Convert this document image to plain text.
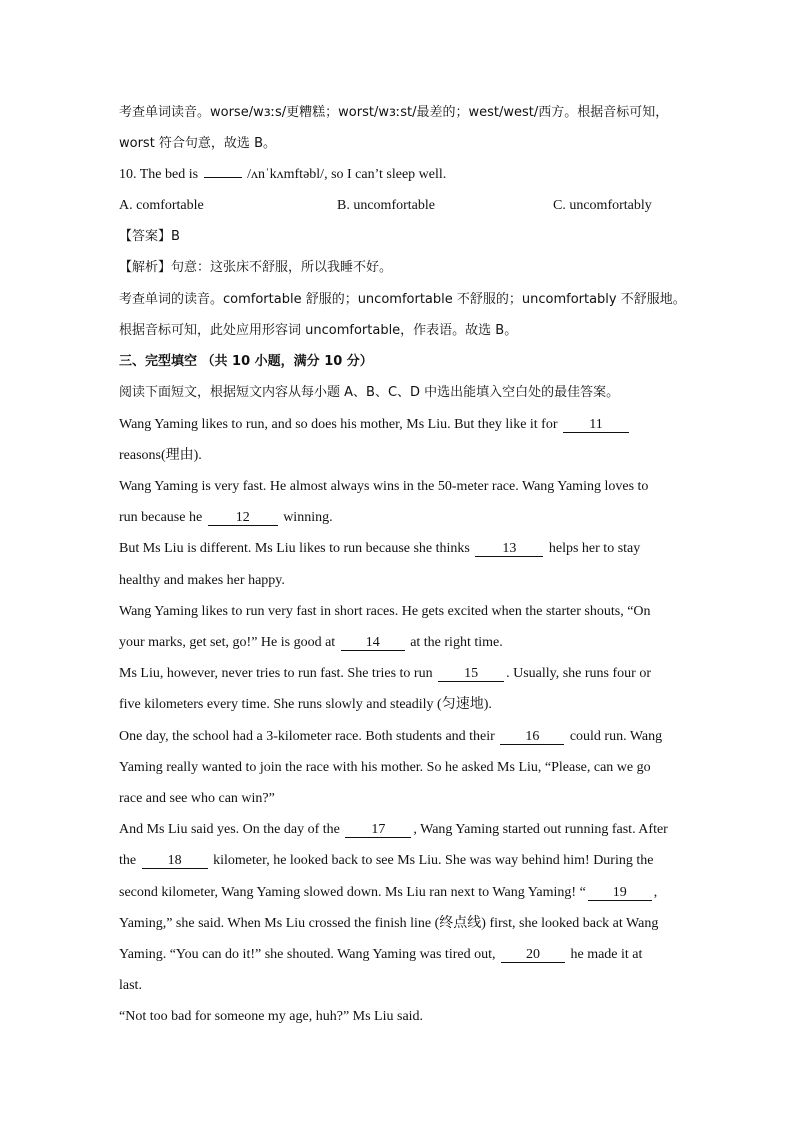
考查单词读音。worse/wɜːs/更糟糕；worst/wɜːst/最差的；west/west/西方。根据音标可知，
worst 符合句意，故选 B。
10. The bed is	/ʌnˈkʌmftəbl/, so I can’t sleep well.
A. comfortable	B. uncomfortable	C. uncomfortably
【答案】B
【解析】句意：这张床不舒服，所以我睡不好。
考查单词的读音。comfortable 舒服的；uncomfortable 不舒服的；uncomfortably 不舒服地。
根据音标可知，此处应用形容词 uncomfortable，作表语。故选 B。
三、完型填空 （共 10 小题，满分 10 分）
阅读下面短文，根据短文内容从每小题 A、B、C、D 中选出能填入空白处的最佳答案。
Wang Yaming likes to run, and so does his mother, Ms Liu. But they like it for 11
reasons(理由).
Wang Yaming is very fast. He almost always wins in the 50-meter race. Wang Yaming loves to
run because he 12 winning.
But Ms Liu is different. Ms Liu likes to run because she thinks 13 helps her to stay
healthy and makes her happy.
Wang Yaming likes to run very fast in short races. He gets excited when the starter shouts, “On
your marks, get set, go!” He is good at 14 at the right time.
Ms Liu, however, never tries to run fast. She tries to run 15 . Usually, she runs four or
five kilometers every time. She runs slowly and steadily (匀速地).
One day, the school had a 3-kilometer race. Both students and their 16 could run. Wang
Yaming really wanted to join the race with his mother. So he asked Ms Liu, “Please, can we go
race and see who can win?”
And Ms Liu said yes. On the day of the 17 , Wang Yaming started out running fast. After
the 18 kilometer, he looked back to see Ms Liu. She was way behind him! During the
second kilometer, Wang Yaming slowed down. Ms Liu ran next to Wang Yaming! “ 19 ,
Yaming,” she said. When Ms Liu crossed the finish line (终点线) first, she looked back at Wang
Yaming. “You can do it!” she shouted. Wang Yaming was tired out, 20 he made it at
last.
“Not too bad for someone my age, huh?” Ms Liu said.
